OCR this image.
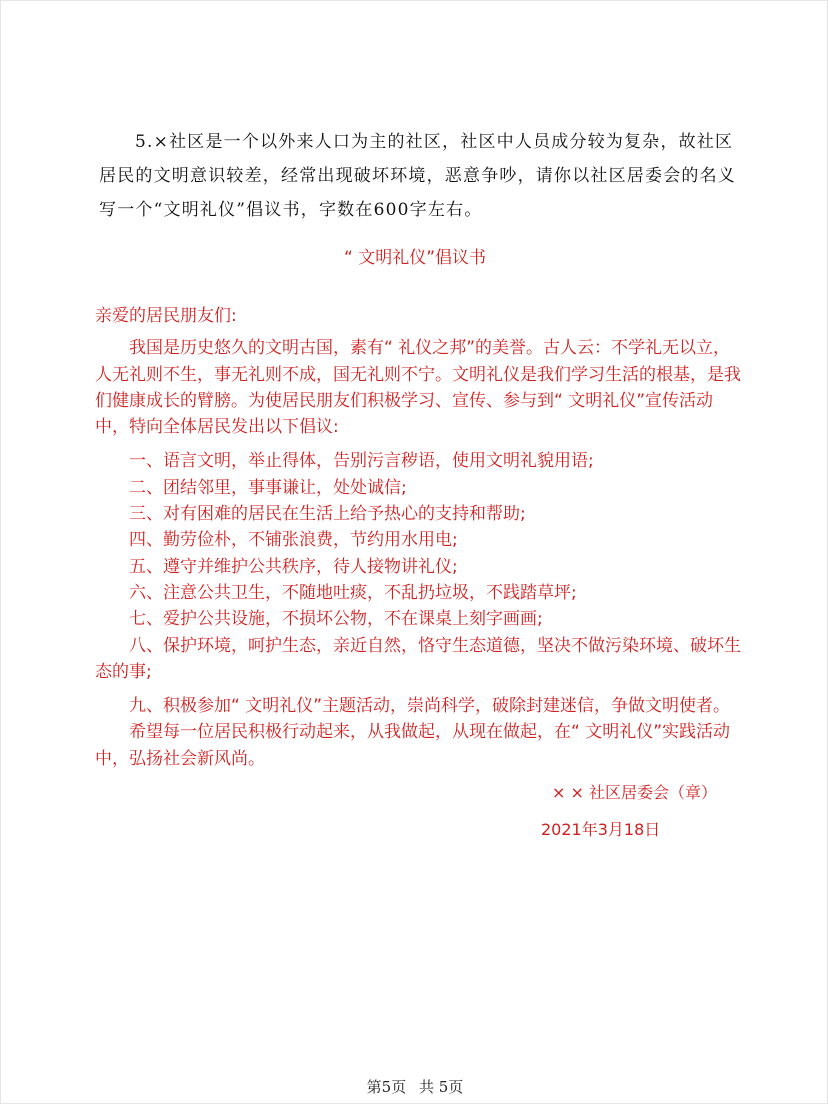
5.×社区是一个以外来人口为主的社区，社区中人员成分较为复杂，故社区居民的文明意识较差，经常出现破坏环境，恶意争吵，请你以社区居委会的名义写一个“文明礼仪”倡议书，字数在600字左右。

“ 文明礼仪”倡议书

亲爱的居民朋友们:

我国是历史悠久的文明古国，素有“ 礼仪之邦”的美誉。古人云：不学礼无以立，人无礼则不生，事无礼则不成，国无礼则不宁。文明礼仪是我们学习生活的根基，是我们健康成长的臂膀。为使居民朋友们积极学习、宣传、参与到“ 文明礼仪”宣传活动中，特向全体居民发出以下倡议:

一、语言文明，举止得体，告别污言秽语，使用文明礼貌用语;

二、团结邻里，事事谦让，处处诚信;

三、对有困难的居民在生活上给予热心的支持和帮助;

四、勤劳俭朴，不铺张浪费，节约用水用电;

五、遵守并维护公共秩序，待人接物讲礼仪;

六、注意公共卫生，不随地吐痰，不乱扔垃圾，不践踏草坪;

七、爱护公共设施，不损坏公物，不在课桌上刻字画画;

八、保护环境，呵护生态，亲近自然，恪守生态道德，坚决不做污染环境、破坏生态的事;

九、积极参加“ 文明礼仪”主题活动，崇尚科学，破除封建迷信，争做文明使者。

希望每一位居民积极行动起来，从我做起，从现在做起，在“ 文明礼仪”实践活动中，弘扬社会新风尚。

× × 社区居委会（章）

2021年3月18日

第5页 共 5页
